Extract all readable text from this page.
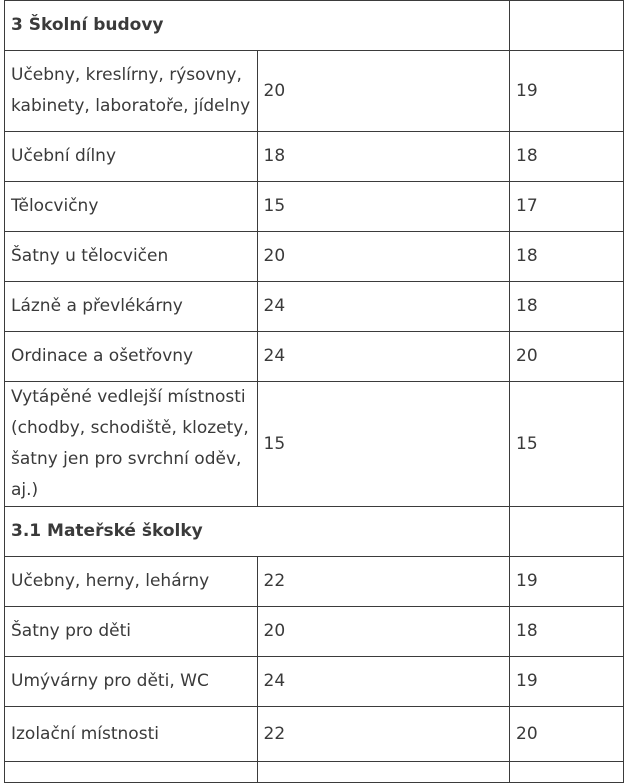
3 Školní budovy		
Učebny, kreslírny, rýsovny, kabinety, laboratoře, jídelny	20	19
Učební dílny	18	18
Tělocvičny	15	17
Šatny u tělocvičen	20	18
Lázně a převlékárny	24	18
Ordinace a ošetřovny	24	20
Vytápěné vedlejší místnosti (chodby, schodiště, klozety, šatny jen pro svrchní oděv, aj.)	15	15
3.1 Mateřské školky		
Učebny, herny, lehárny	22	19
Šatny pro děti	20	18
Umývárny pro děti, WC	24	19
Izolační místnosti	22	20
